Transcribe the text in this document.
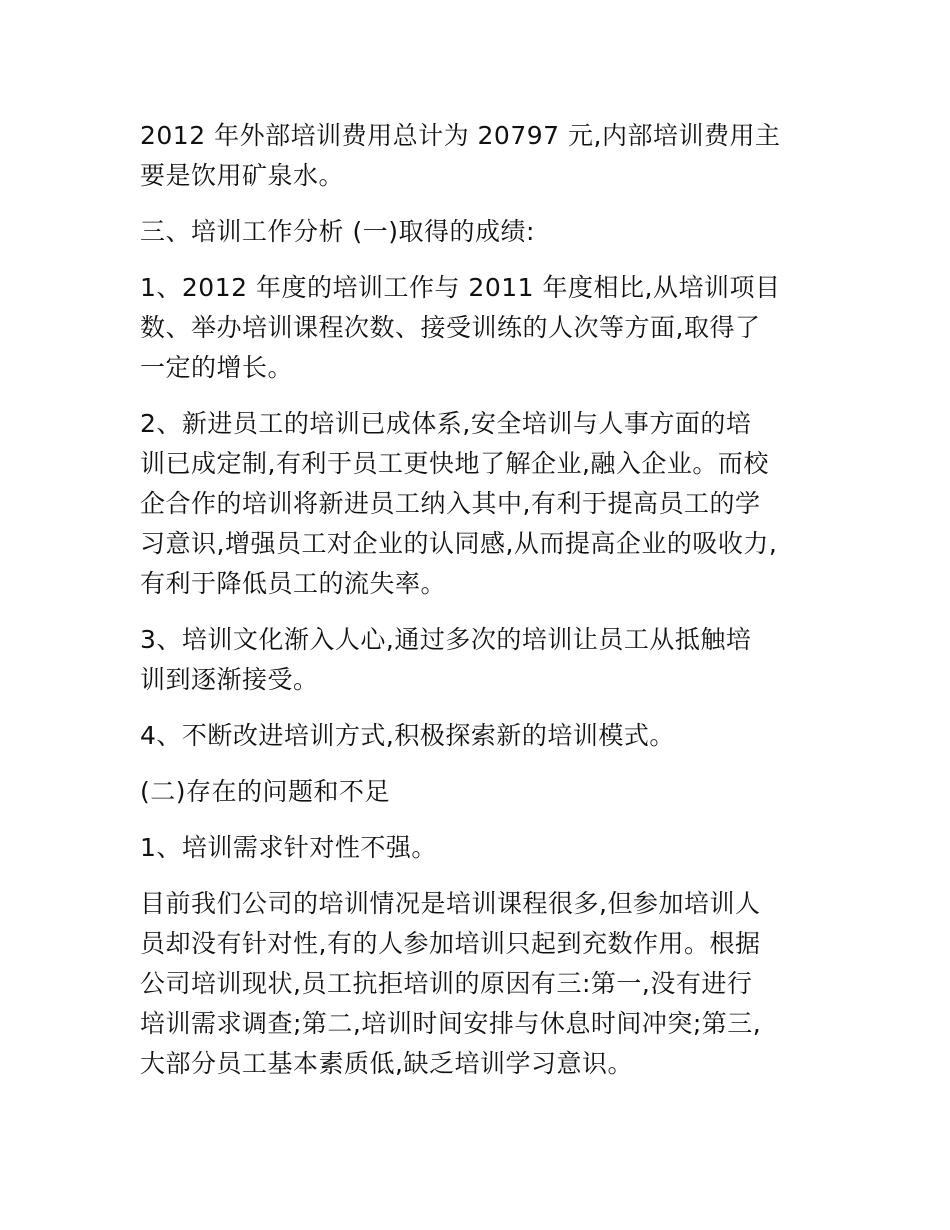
2012 年外部培训费用总计为 20797 元,内部培训费用主
要是饮用矿泉水。

三、培训工作分析 (一)取得的成绩:

1、2012 年度的培训工作与 2011 年度相比,从培训项目
数、举办培训课程次数、接受训练的人次等方面,取得了
一定的增长。

2、新进员工的培训已成体系,安全培训与人事方面的培
训已成定制,有利于员工更快地了解企业,融入企业。而校
企合作的培训将新进员工纳入其中,有利于提高员工的学
习意识,增强员工对企业的认同感,从而提高企业的吸收力,
有利于降低员工的流失率。

3、培训文化渐入人心,通过多次的培训让员工从抵触培
训到逐渐接受。

4、不断改进培训方式,积极探索新的培训模式。

(二)存在的问题和不足

1、培训需求针对性不强。

目前我们公司的培训情况是培训课程很多,但参加培训人
员却没有针对性,有的人参加培训只起到充数作用。根据
公司培训现状,员工抗拒培训的原因有三:第一,没有进行
培训需求调查;第二,培训时间安排与休息时间冲突;第三,
大部分员工基本素质低,缺乏培训学习意识。
